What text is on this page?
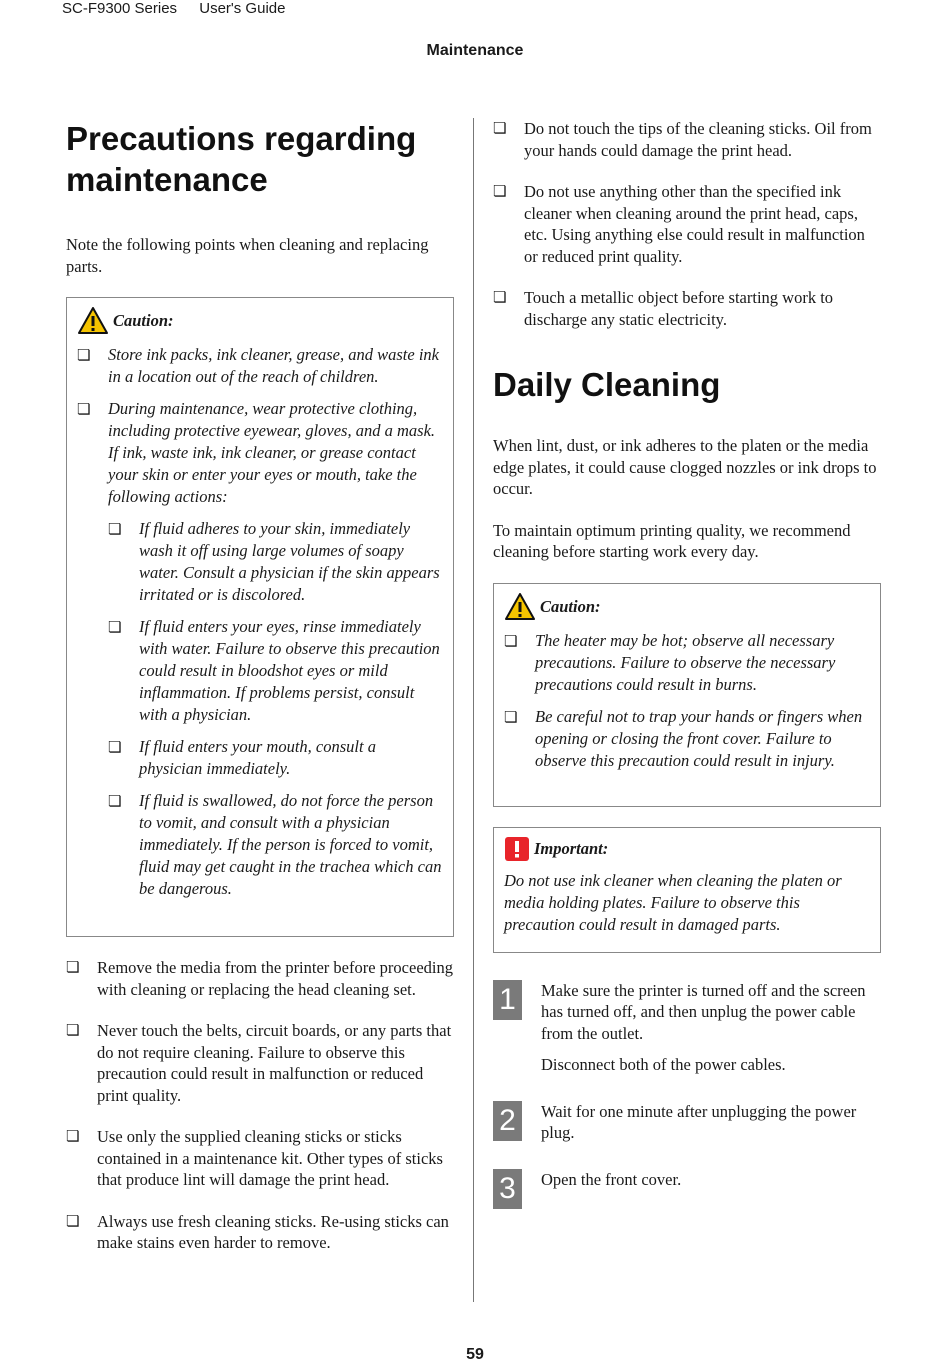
SC-F9300 Series User's Guide
Maintenance
Precautions regarding maintenance

Note the following points when cleaning and replacing parts.

Caution:
❏ Store ink packs, ink cleaner, grease, and waste ink in a location out of the reach of children.
❏ During maintenance, wear protective clothing, including protective eyewear, gloves, and a mask.
If ink, waste ink, ink cleaner, or grease contact your skin or enter your eyes or mouth, take the following actions:
❏ If fluid adheres to your skin, immediately wash it off using large volumes of soapy water. Consult a physician if the skin appears irritated or is discolored.
❏ If fluid enters your eyes, rinse immediately with water. Failure to observe this precaution could result in bloodshot eyes or mild inflammation. If problems persist, consult with a physician.
❏ If fluid enters your mouth, consult a physician immediately.
❏ If fluid is swallowed, do not force the person to vomit, and consult with a physician immediately. If the person is forced to vomit, fluid may get caught in the trachea which can be dangerous.
❏ Remove the media from the printer before proceeding with cleaning or replacing the head cleaning set.
❏ Never touch the belts, circuit boards, or any parts that do not require cleaning. Failure to observe this precaution could result in malfunction or reduced print quality.
❏ Use only the supplied cleaning sticks or sticks contained in a maintenance kit. Other types of sticks that produce lint will damage the print head.
❏ Always use fresh cleaning sticks. Re-using sticks can make stains even harder to remove.
❏ Do not touch the tips of the cleaning sticks. Oil from your hands could damage the print head.
❏ Do not use anything other than the specified ink cleaner when cleaning around the print head, caps, etc. Using anything else could result in malfunction or reduced print quality.
❏ Touch a metallic object before starting work to discharge any static electricity.
Daily Cleaning

When lint, dust, or ink adheres to the platen or the media edge plates, it could cause clogged nozzles or ink drops to occur.

To maintain optimum printing quality, we recommend cleaning before starting work every day.

Caution:
❏ The heater may be hot; observe all necessary precautions. Failure to observe the necessary precautions could result in burns.
❏ Be careful not to trap your hands or fingers when opening or closing the front cover. Failure to observe this precaution could result in injury.
Important:

Do not use ink cleaner when cleaning the platen or media holding plates. Failure to observe this precaution could result in damaged parts.

1	Make sure the printer is turned off and the screen has turned off, and then unplug the power cable from the outlet.

Disconnect both of the power cables.

2	Wait for one minute after unplugging the power plug.

3	Open the front cover.

59
